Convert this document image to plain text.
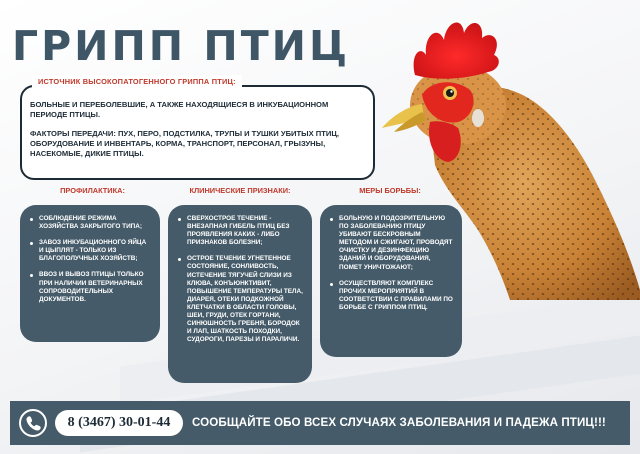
ГРИПП ПТИЦ
ИСТОЧНИК ВЫСОКОПАТОГЕННОГО ГРИППА ПТИЦ:

БОЛЬНЫЕ И ПЕРЕБОЛЕВШИЕ, А ТАКЖЕ НАХОДЯЩИЕСЯ В ИНКУБАЦИОННОМ ПЕРИОДЕ ПТИЦЫ.

ФАКТОРЫ ПЕРЕДАЧИ: ПУХ, ПЕРО, ПОДСТИЛКА, ТРУПЫ И ТУШКИ УБИТЫХ ПТИЦ, ОБОРУДОВАНИЕ И ИНВЕНТАРЬ, КОРМА, ТРАНСПОРТ, ПЕРСОНАЛ, ГРЫЗУНЫ, НАСЕКОМЫЕ, ДИКИЕ ПТИЦЫ.

ПРОФИЛАКТИКА:	КЛИНИЧЕСКИЕ ПРИЗНАКИ:	МЕРЫ БОРЬБЫ:
СОБЛЮДЕНИЕ РЕЖИМА ХОЗЯЙСТВА ЗАКРЫТОГО ТИПА;
ЗАВОЗ ИНКУБАЦИОННОГО ЯЙЦА И ЦЫПЛЯТ - ТОЛЬКО ИЗ БЛАГОПОЛУЧНЫХ ХОЗЯЙСТВ;
ВВОЗ И ВЫВОЗ ПТИЦЫ ТОЛЬКО ПРИ НАЛИЧИИ ВЕТЕРИНАРНЫХ СОПРОВОДИТЕЛЬНЫХ ДОКУМЕНТОВ.
СВЕРХОСТРОЕ ТЕЧЕНИЕ - ВНЕЗАПНАЯ ГИБЕЛЬ ПТИЦ БЕЗ ПРОЯВЛЕНИЯ КАКИХ - ЛИБО ПРИЗНАКОВ БОЛЕЗНИ;
ОСТРОЕ ТЕЧЕНИЕ УГНЕТЕННОЕ СОСТОЯНИЕ, СОНЛИВОСТЬ, ИСТЕЧЕНИЕ ТЯГУЧЕЙ СЛИЗИ ИЗ КЛЮВА, КОНЪЮНКТИВИТ, ПОВЫШЕНИЕ ТЕМПЕРАТУРЫ ТЕЛА, ДИАРЕЯ, ОТЕКИ ПОДКОЖНОЙ КЛЕТЧАТКИ В ОБЛАСТИ ГОЛОВЫ, ШЕИ, ГРУДИ, ОТЕК ГОРТАНИ, СИНЮШНОСТЬ ГРЕБНЯ, БОРОДОК И ЛАП, ШАТКОСТЬ ПОХОДКИ, СУДОРОГИ, ПАРЕЗЫ И ПАРАЛИЧИ.
БОЛЬНУЮ И ПОДОЗРИТЕЛЬНУЮ ПО ЗАБОЛЕВАНИЮ ПТИЦУ УБИВАЮТ БЕСКРОВНЫМ МЕТОДОМ И СЖИГАЮТ, ПРОВОДЯТ ОЧИСТКУ И ДЕЗИНФЕКЦИЮ ЗДАНИЙ И ОБОРУДОВАНИЯ, ПОМЕТ УНИЧТОЖАЮТ;
ОСУЩЕСТВЛЯЮТ КОМПЛЕКС ПРОЧИХ МЕРОПРИЯТИЙ В СООТВЕТСТВИИ С ПРАВИЛАМИ ПО БОРЬБЕ С ГРИППОМ ПТИЦ.
8 (3467) 30-01-44	СООБЩАЙТЕ ОБО ВСЕХ СЛУЧАЯХ ЗАБОЛЕВАНИЯ И ПАДЕЖА ПТИЦ!!!
